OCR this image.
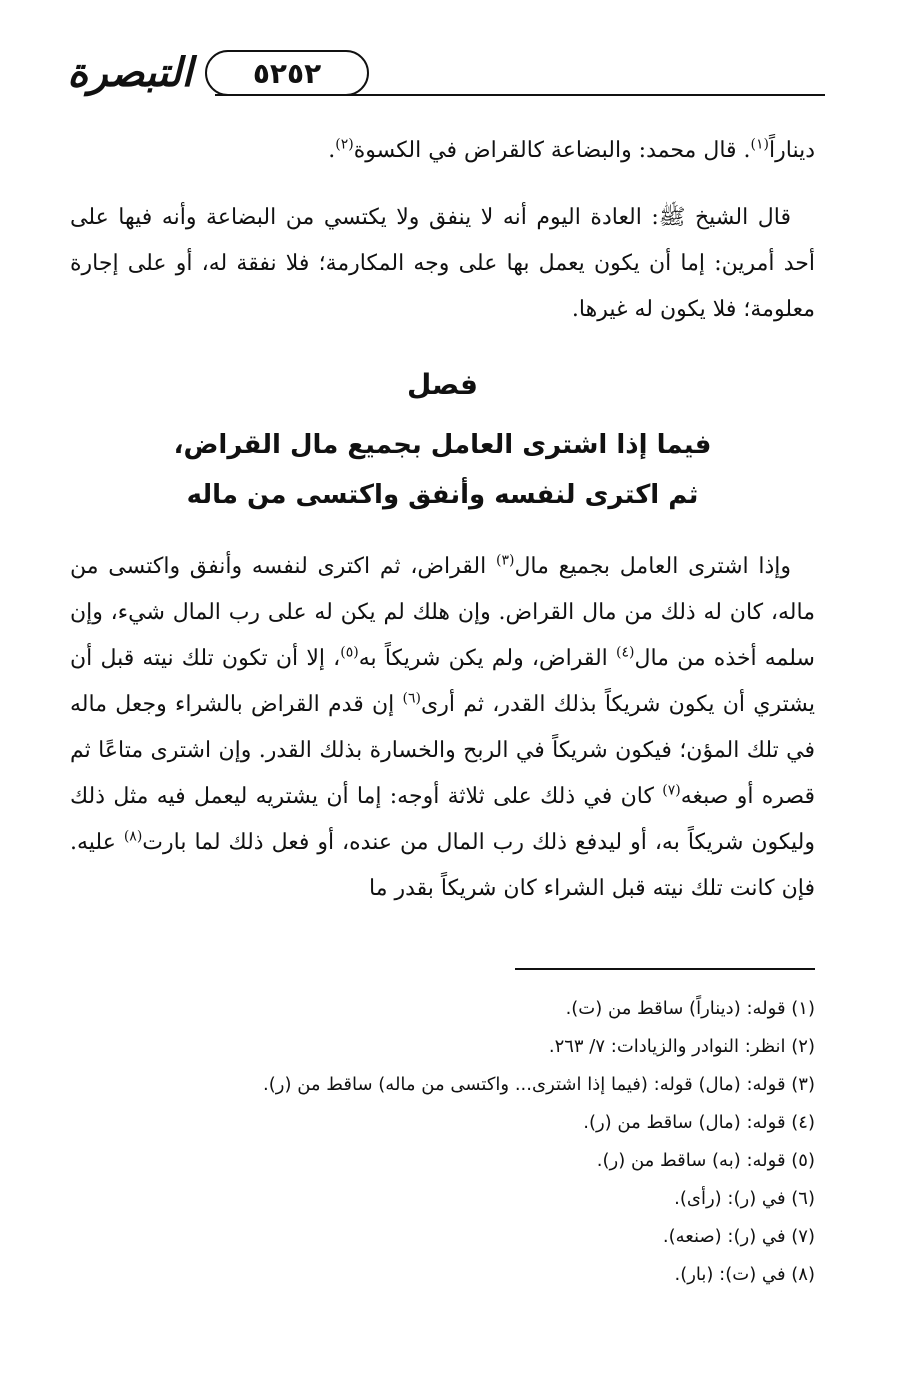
التبصرة	٥٢٥٢
ديناراً$^{(١)}$. قال محمد: والبضاعة كالقراض في الكسوة$^{(٢)}$.
قال الشيخ ﷺ: العادة اليوم أنه لا ينفق ولا يكتسي من البضاعة وأنه فيها على أحد أمرين: إما أن يكون يعمل بها على وجه المكارمة؛ فلا نفقة له، أو على إجارة معلومة؛ فلا يكون له غيرها.
فصل
فيما إذا اشترى العامل بجميع مال القراض،
ثم اكترى لنفسه وأنفق واكتسى من ماله
وإذا اشترى العامل بجميع مال$^{(٣)}$ القراض، ثم اكترى لنفسه وأنفق واكتسى من ماله، كان له ذلك من مال القراض. وإن هلك لم يكن له على رب المال شيء، وإن سلمه أخذه من مال$^{(٤)}$ القراض، ولم يكن شريكاً به$^{(٥)}$، إلا أن تكون تلك نيته قبل أن يشتري أن يكون شريكاً بذلك القدر، ثم أرى$^{(٦)}$ إن قدم القراض بالشراء وجعل ماله في تلك المؤن؛ فيكون شريكاً في الربح والخسارة بذلك القدر. وإن اشترى متاعًا ثم قصره أو صبغه$^{(٧)}$ كان في ذلك على ثلاثة أوجه: إما أن يشتريه ليعمل فيه مثل ذلك وليكون شريكاً به، أو ليدفع ذلك رب المال من عنده، أو فعل ذلك لما بارت$^{(٨)}$ عليه. فإن كانت تلك نيته قبل الشراء كان شريكاً بقدر ما
(١) قوله: (ديناراً) ساقط من (ت).
(٢) انظر: النوادر والزيادات: ٧/ ٢٦٣.
(٣) قوله: (مال) قوله: (فيما إذا اشترى... واكتسى من ماله) ساقط من (ر).
(٤) قوله: (مال) ساقط من (ر).
(٥) قوله: (به) ساقط من (ر).
(٦) في (ر): (رأى).
(٧) في (ر): (صنعه).
(٨) في (ت): (بار).
